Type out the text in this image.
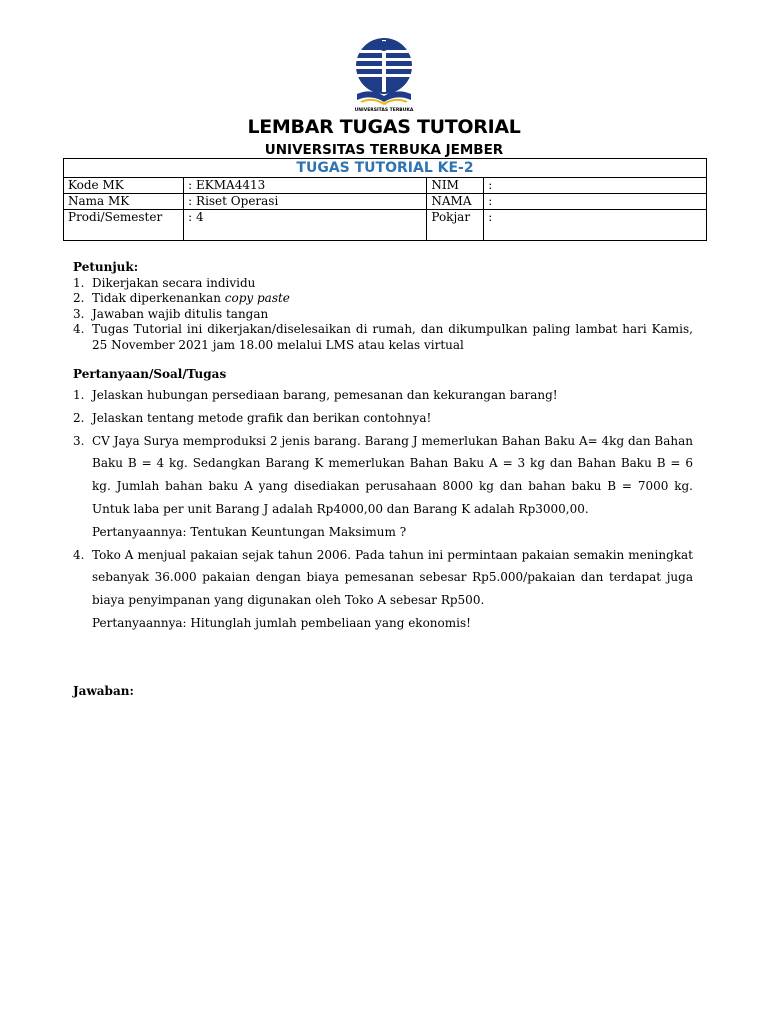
UNIVERSITAS TERBUKA
LEMBAR TUGAS TUTORIAL
UNIVERSITAS TERBUKA JEMBER
TUGAS TUTORIAL KE-2			
Kode MK	: EKMA4413	NIM	:
Nama MK	: Riset Operasi	NAMA	:
Prodi/Semester	: 4	Pokjar	:

Petunjuk:

1. Dikerjakan secara individu
2. Tidak diperkenankan copy paste
3. Jawaban wajib ditulis tangan
4. Tugas Tutorial ini dikerjakan/diselesaikan di rumah, dan dikumpulkan paling lambat hari Kamis, 25 November 2021 jam 18.00 melalui LMS atau kelas virtual

Pertanyaan/Soal/Tugas

1. Jelaskan hubungan persediaan barang, pemesanan dan kekurangan barang!
2. Jelaskan tentang metode grafik dan berikan contohnya!
3. CV Jaya Surya memproduksi 2 jenis barang. Barang J memerlukan Bahan Baku A= 4kg dan Bahan Baku B = 4 kg. Sedangkan Barang K memerlukan Bahan Baku A = 3 kg dan Bahan Baku B = 6 kg. Jumlah bahan baku A yang disediakan perusahaan 8000 kg dan bahan baku B = 7000 kg. Untuk laba per unit Barang J adalah Rp4000,00 dan Barang K adalah Rp3000,00.
Pertanyaannya: Tentukan Keuntungan Maksimum ?
4. Toko A menjual pakaian sejak tahun 2006. Pada tahun ini permintaan pakaian semakin meningkat sebanyak 36.000 pakaian dengan biaya pemesanan sebesar Rp5.000/pakaian dan terdapat juga biaya penyimpanan yang digunakan oleh Toko A sebesar Rp500.
Pertanyaannya: Hitunglah jumlah pembeliaan yang ekonomis!

Jawaban:
